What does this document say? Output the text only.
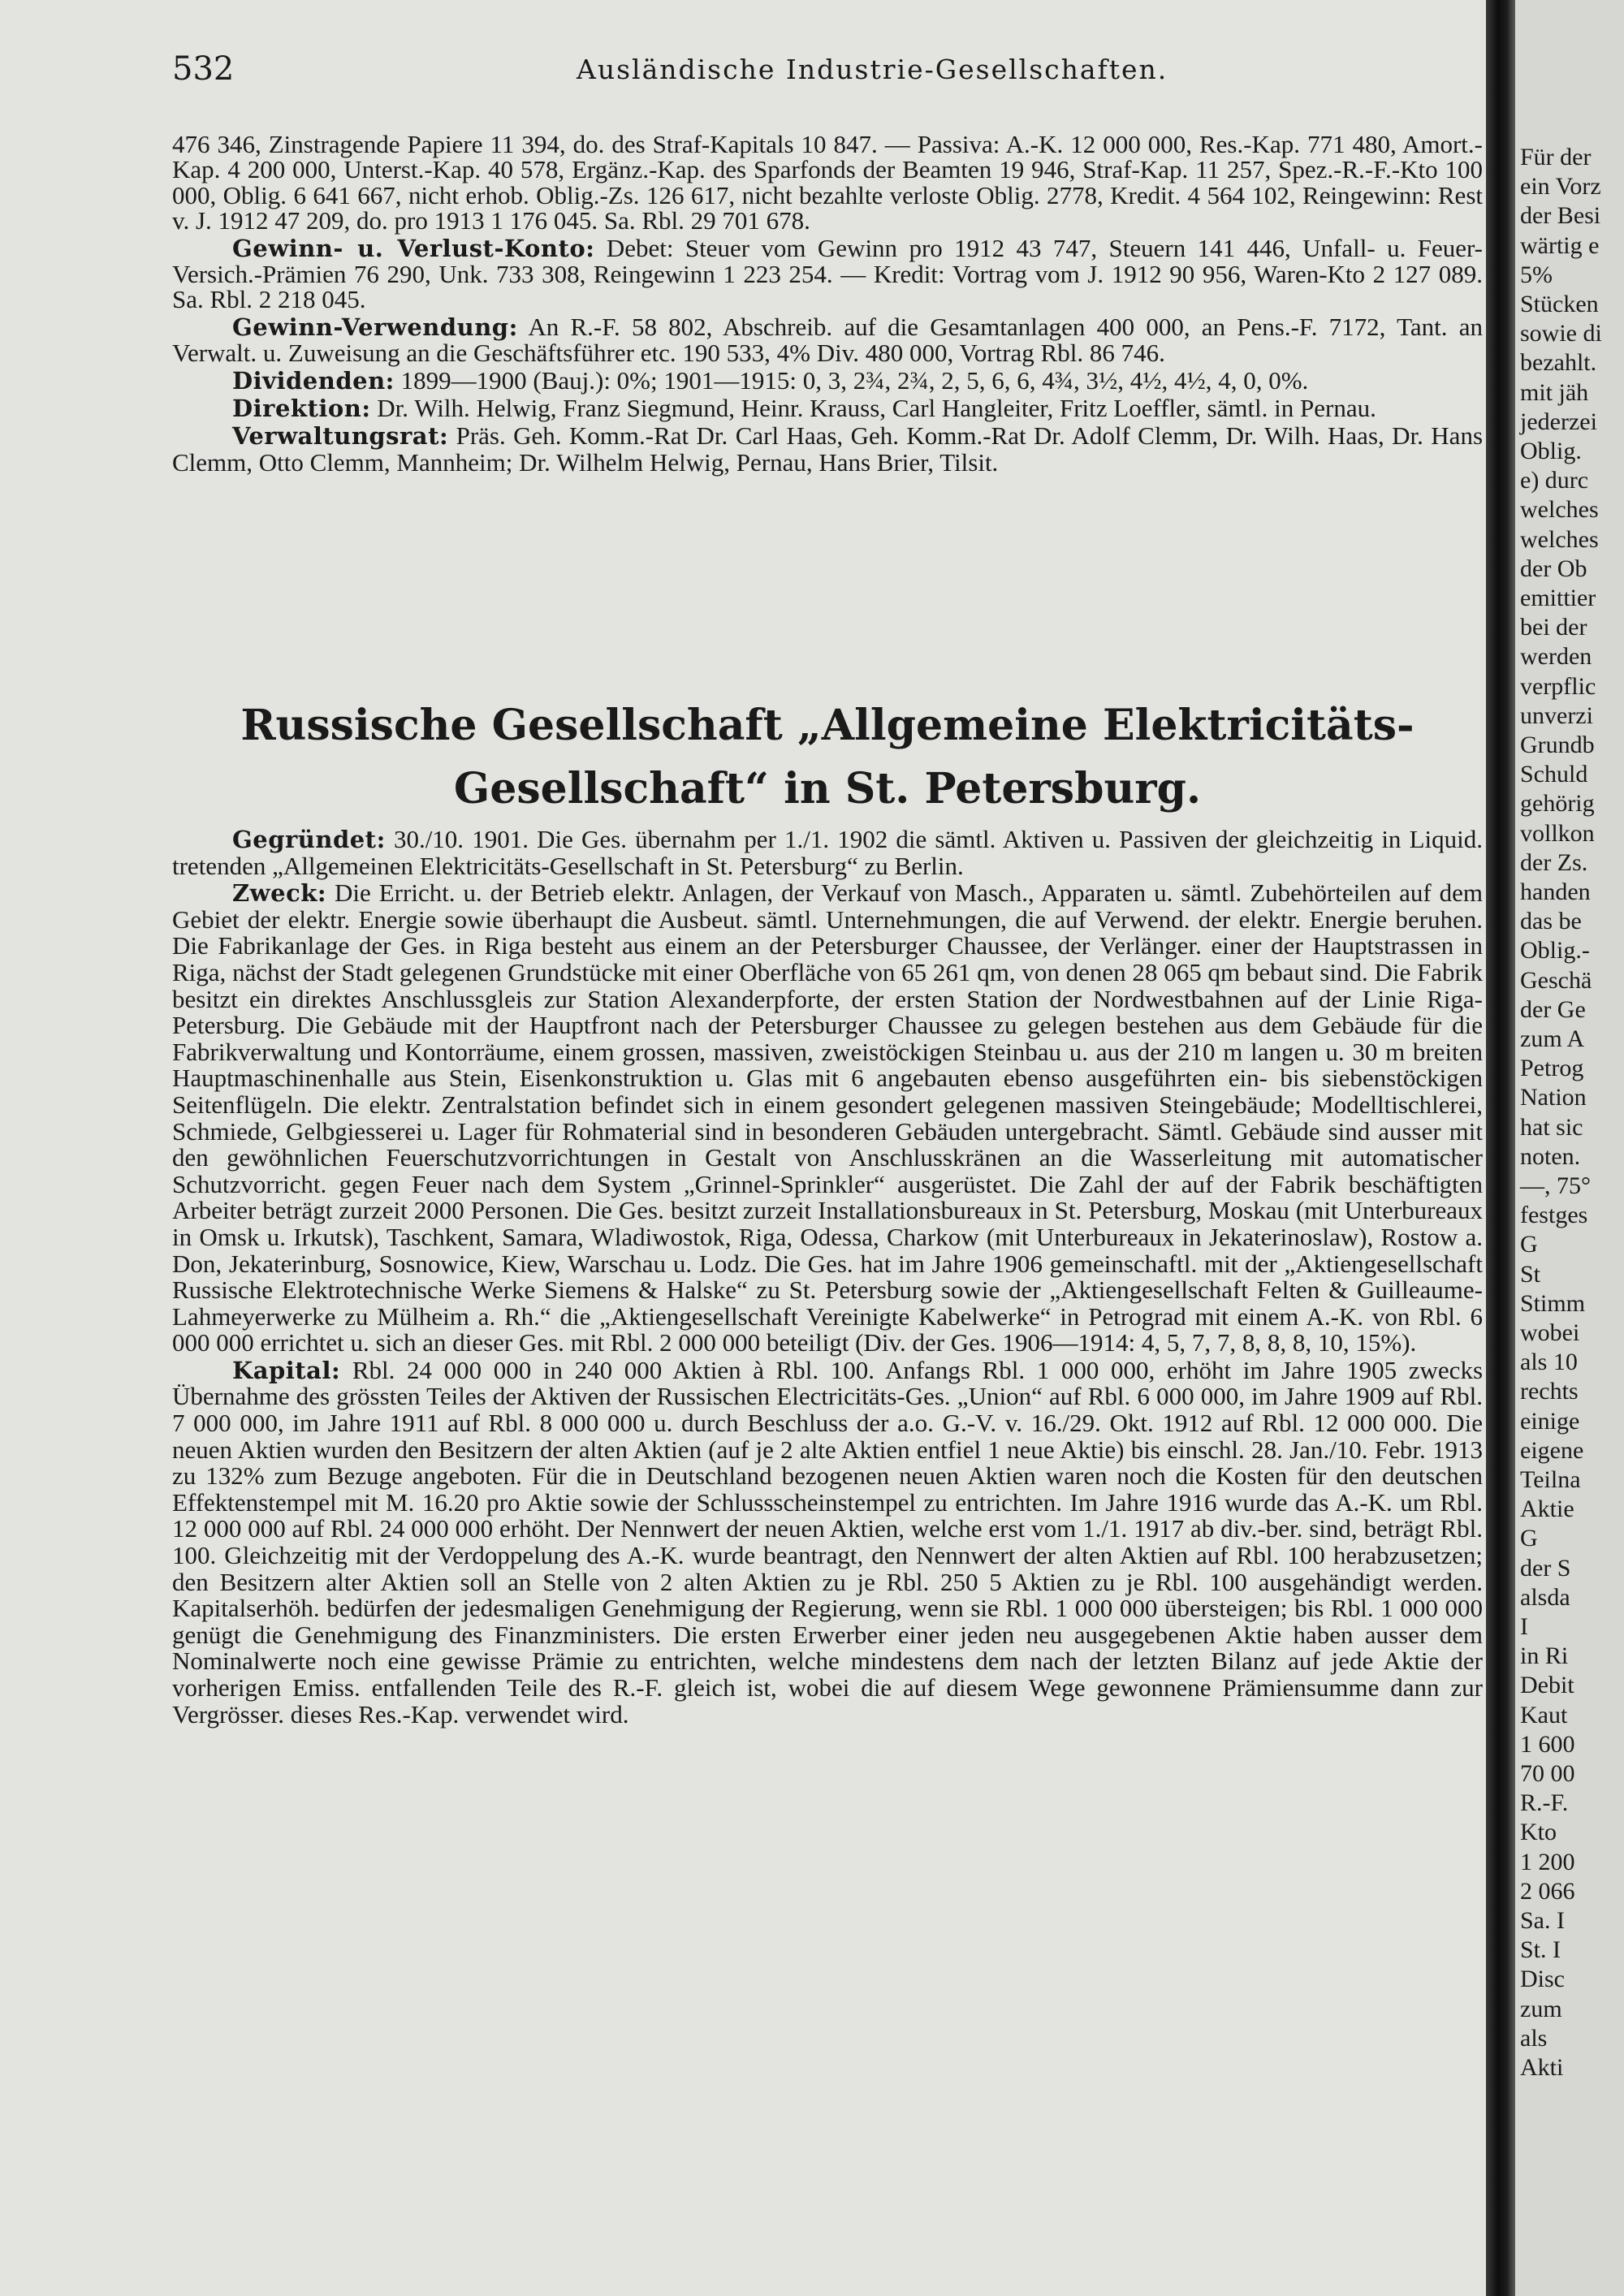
532	Ausländische Industrie-Gesellschaften.

476 346, Zinstragende Papiere 11 394, do. des Straf-Kapitals 10 847. — Passiva: A.-K. 12 000 000, Res.-Kap. 771 480, Amort.-Kap. 4 200 000, Unterst.-Kap. 40 578, Ergänz.-Kap. des Sparfonds der Beamten 19 946, Straf-Kap. 11 257, Spez.-R.-F.-Kto 100 000, Oblig. 6 641 667, nicht erhob. Oblig.-Zs. 126 617, nicht bezahlte verloste Oblig. 2778, Kredit. 4 564 102, Reingewinn: Rest v. J. 1912 47 209, do. pro 1913 1 176 045. Sa. Rbl. 29 701 678.

Gewinn- u. Verlust-Konto: Debet: Steuer vom Gewinn pro 1912 43 747, Steuern 141 446, Unfall- u. Feuer-Versich.-Prämien 76 290, Unk. 733 308, Reingewinn 1 223 254. — Kredit: Vortrag vom J. 1912 90 956, Waren-Kto 2 127 089. Sa. Rbl. 2 218 045.

Gewinn-Verwendung: An R.-F. 58 802, Abschreib. auf die Gesamtanlagen 400 000, an Pens.-F. 7172, Tant. an Verwalt. u. Zuweisung an die Geschäftsführer etc. 190 533, 4% Div. 480 000, Vortrag Rbl. 86 746.

Dividenden: 1899—1900 (Bauj.): 0%; 1901—1915: 0, 3, 2¾, 2¾, 2, 5, 6, 6, 4¾, 3½, 4½, 4½, 4, 0, 0%.

Direktion: Dr. Wilh. Helwig, Franz Siegmund, Heinr. Krauss, Carl Hangleiter, Fritz Loeffler, sämtl. in Pernau.

Verwaltungsrat: Präs. Geh. Komm.-Rat Dr. Carl Haas, Geh. Komm.-Rat Dr. Adolf Clemm, Dr. Wilh. Haas, Dr. Hans Clemm, Otto Clemm, Mannheim; Dr. Wilhelm Helwig, Pernau, Hans Brier, Tilsit.

Russische Gesellschaft „Allgemeine Elektricitäts-
Gesellschaft“ in St. Petersburg.

Gegründet: 30./10. 1901. Die Ges. übernahm per 1./1. 1902 die sämtl. Aktiven u. Passiven der gleichzeitig in Liquid. tretenden „Allgemeinen Elektricitäts-Gesellschaft in St. Petersburg“ zu Berlin.

Zweck: Die Erricht. u. der Betrieb elektr. Anlagen, der Verkauf von Masch., Apparaten u. sämtl. Zubehörteilen auf dem Gebiet der elektr. Energie sowie überhaupt die Ausbeut. sämtl. Unternehmungen, die auf Verwend. der elektr. Energie beruhen. Die Fabrikanlage der Ges. in Riga besteht aus einem an der Petersburger Chaussee, der Verlänger. einer der Hauptstrassen in Riga, nächst der Stadt gelegenen Grundstücke mit einer Oberfläche von 65 261 qm, von denen 28 065 qm bebaut sind. Die Fabrik besitzt ein direktes Anschlussgleis zur Station Alexanderpforte, der ersten Station der Nordwestbahnen auf der Linie Riga-Petersburg. Die Gebäude mit der Hauptfront nach der Petersburger Chaussee zu gelegen bestehen aus dem Gebäude für die Fabrikverwaltung und Kontorräume, einem grossen, massiven, zweistöckigen Steinbau u. aus der 210 m langen u. 30 m breiten Hauptmaschinenhalle aus Stein, Eisenkonstruktion u. Glas mit 6 angebauten ebenso ausgeführten ein- bis siebenstöckigen Seitenflügeln. Die elektr. Zentralstation befindet sich in einem gesondert gelegenen massiven Steingebäude; Modelltischlerei, Schmiede, Gelbgiesserei u. Lager für Rohmaterial sind in besonderen Gebäuden untergebracht. Sämtl. Gebäude sind ausser mit den gewöhnlichen Feuerschutzvorrichtungen in Gestalt von Anschlusskränen an die Wasserleitung mit automatischer Schutzvorricht. gegen Feuer nach dem System „Grinnel-Sprinkler“ ausgerüstet. Die Zahl der auf der Fabrik beschäftigten Arbeiter beträgt zurzeit 2000 Personen. Die Ges. besitzt zurzeit Installationsbureaux in St. Petersburg, Moskau (mit Unterbureaux in Omsk u. Irkutsk), Taschkent, Samara, Wladiwostok, Riga, Odessa, Charkow (mit Unterbureaux in Jekaterinoslaw), Rostow a. Don, Jekaterinburg, Sosnowice, Kiew, Warschau u. Lodz. Die Ges. hat im Jahre 1906 gemeinschaftl. mit der „Aktiengesellschaft Russische Elektrotechnische Werke Siemens & Halske“ zu St. Petersburg sowie der „Aktiengesellschaft Felten & Guilleaume-Lahmeyerwerke zu Mülheim a. Rh.“ die „Aktiengesellschaft Vereinigte Kabelwerke“ in Petrograd mit einem A.-K. von Rbl. 6 000 000 errichtet u. sich an dieser Ges. mit Rbl. 2 000 000 beteiligt (Div. der Ges. 1906—1914: 4, 5, 7, 7, 8, 8, 8, 10, 15%).

Kapital: Rbl. 24 000 000 in 240 000 Aktien à Rbl. 100. Anfangs Rbl. 1 000 000, erhöht im Jahre 1905 zwecks Übernahme des grössten Teiles der Aktiven der Russischen Electricitäts-Ges. „Union“ auf Rbl. 6 000 000, im Jahre 1909 auf Rbl. 7 000 000, im Jahre 1911 auf Rbl. 8 000 000 u. durch Beschluss der a.o. G.-V. v. 16./29. Okt. 1912 auf Rbl. 12 000 000. Die neuen Aktien wurden den Besitzern der alten Aktien (auf je 2 alte Aktien entfiel 1 neue Aktie) bis einschl. 28. Jan./10. Febr. 1913 zu 132% zum Bezuge angeboten. Für die in Deutschland bezogenen neuen Aktien waren noch die Kosten für den deutschen Effektenstempel mit M. 16.20 pro Aktie sowie der Schlussscheinstempel zu entrichten. Im Jahre 1916 wurde das A.-K. um Rbl. 12 000 000 auf Rbl. 24 000 000 erhöht. Der Nennwert der neuen Aktien, welche erst vom 1./1. 1917 ab div.-ber. sind, beträgt Rbl. 100. Gleichzeitig mit der Verdoppelung des A.-K. wurde beantragt, den Nennwert der alten Aktien auf Rbl. 100 herabzusetzen; den Besitzern alter Aktien soll an Stelle von 2 alten Aktien zu je Rbl. 250 5 Aktien zu je Rbl. 100 ausgehändigt werden. Kapitalserhöh. bedürfen der jedesmaligen Genehmigung der Regierung, wenn sie Rbl. 1 000 000 übersteigen; bis Rbl. 1 000 000 genügt die Genehmigung des Finanzministers. Die ersten Erwerber einer jeden neu ausgegebenen Aktie haben ausser dem Nominalwerte noch eine gewisse Prämie zu entrichten, welche mindestens dem nach der letzten Bilanz auf jede Aktie der vorherigen Emiss. entfallenden Teile des R.-F. gleich ist, wobei die auf diesem Wege gewonnene Prämiensumme dann zur Vergrösser. dieses Res.-Kap. verwendet wird.

Für der
ein Vorz
der Besi
wärtig e
5%
Stücken
sowie di
bezahlt.
mit jäh
jederzei
Oblig.
e) durc
welches
welches
der Ob
emittier
bei der
werden
verpflic
unverzi
Grundb
Schuld
gehörig
vollkon
der Zs.
handen
das be
Oblig.-
Geschä
der Ge
zum A
Petrog
Nation
hat sic
noten.
—, 75°
festges
G
St
Stimm
wobei
als 10
rechts
einige
eigene
Teilna
Aktie
G
der S
alsda
I
in Ri
Debit
Kaut
1 600
70 00
R.-F.
Kto
1 200
2 066
Sa. I
St. I
Disc
zum
als
Akti
